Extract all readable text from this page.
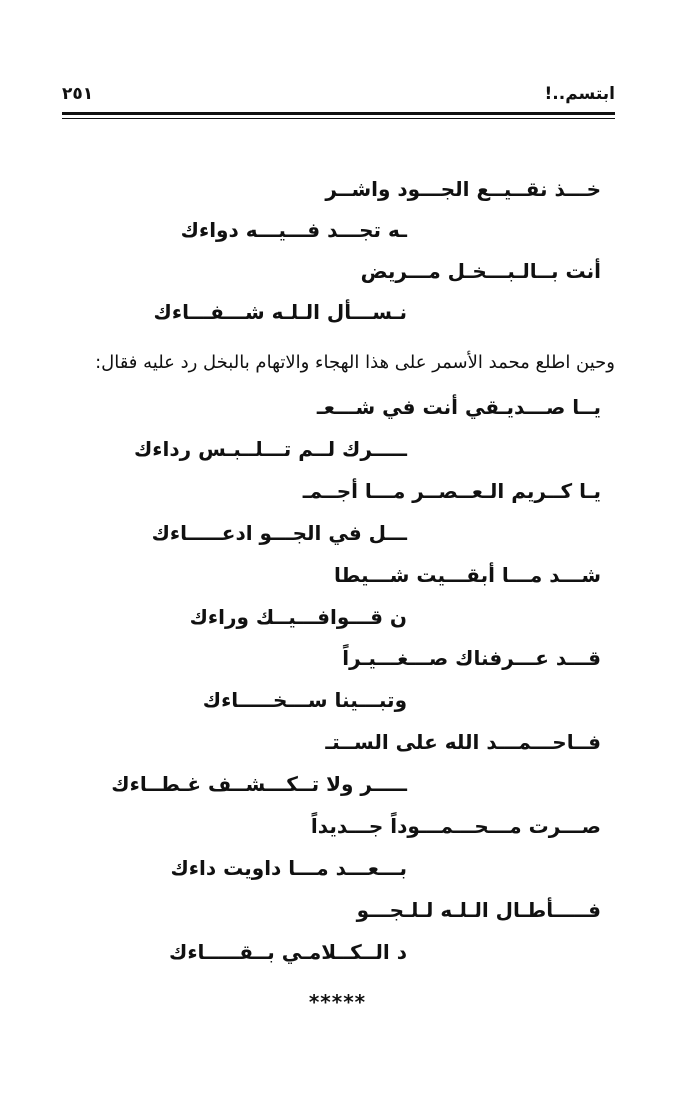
ابتسم..!
٢٥١
خـــذ نقــيــع الجـــود واشــر
ـه تجـــد فـــيـــه دواءك
أنت بــالـبـــخـل مـــريض
نـســـأل الـلـه شـــفـــاءك
وحين اطلع محمد الأسمر على هذا الهجاء والاتهام بالبخل رد عليه فقال:
يــا صـــديـقي أنت في شـــعـ
ـــــرك لــم تـــلــبـس رداءك
يـا كــريم الـعــصــر مـــا أجــمـ
ـــل في الجـــو ادعـــــاءك
شـــد مـــا أبقـــيت شـــيطا
ن قـــوافـــيــك وراءك
قـــد عـــرفناك صـــغـــيـراً
وتبـــينا ســـخـــــاءك
فــاحـــمـــد الله على الســتـ
ـــــر ولا تــكـــشــف غـطــاءك
صـــرت مـــحـــمـــوداً جـــديداً
بـــعـــد مـــا داويت داءك
فـــــأطـال الـلـه لـلـجـــو
د الــكــلامـي بــقـــــاءك
*****
